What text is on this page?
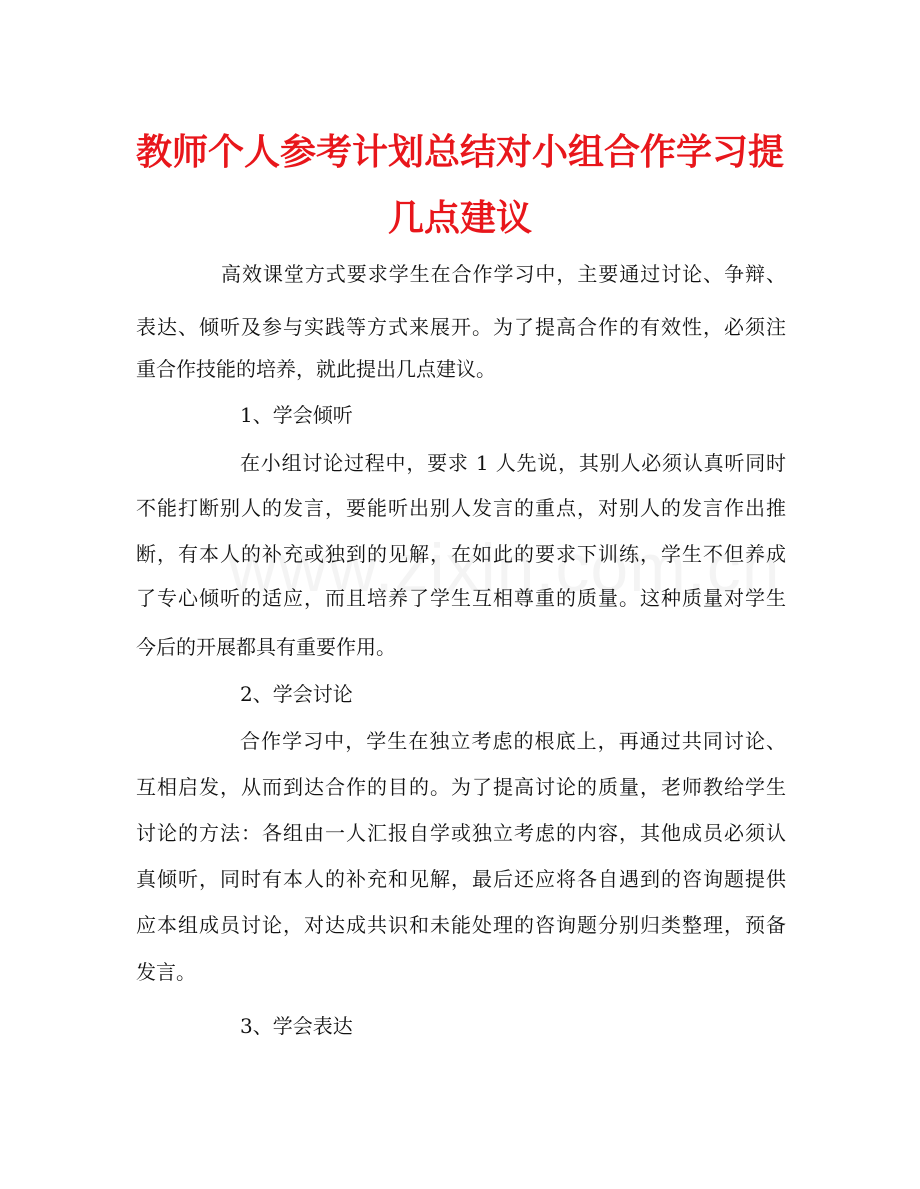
教师个人参考计划总结对小组合作学习提
几点建议
高效课堂方式要求学生在合作学习中，主要通过讨论、争辩、
表达、倾听及参与实践等方式来展开。为了提高合作的有效性，必须注
重合作技能的培养，就此提出几点建议。
1、学会倾听
在小组讨论过程中，要求 1 人先说，其别人必须认真听同时
不能打断别人的发言，要能听出别人发言的重点，对别人的发言作出推
断，有本人的补充或独到的见解，在如此的要求下训练，学生不但养成
了专心倾听的适应，而且培养了学生互相尊重的质量。这种质量对学生
今后的开展都具有重要作用。
2、学会讨论
合作学习中，学生在独立考虑的根底上，再通过共同讨论、
互相启发，从而到达合作的目的。为了提高讨论的质量，老师教给学生
讨论的方法：各组由一人汇报自学或独立考虑的内容，其他成员必须认
真倾听，同时有本人的补充和见解，最后还应将各自遇到的咨询题提供
应本组成员讨论，对达成共识和未能处理的咨询题分别归类整理，预备
发言。
3、学会表达
